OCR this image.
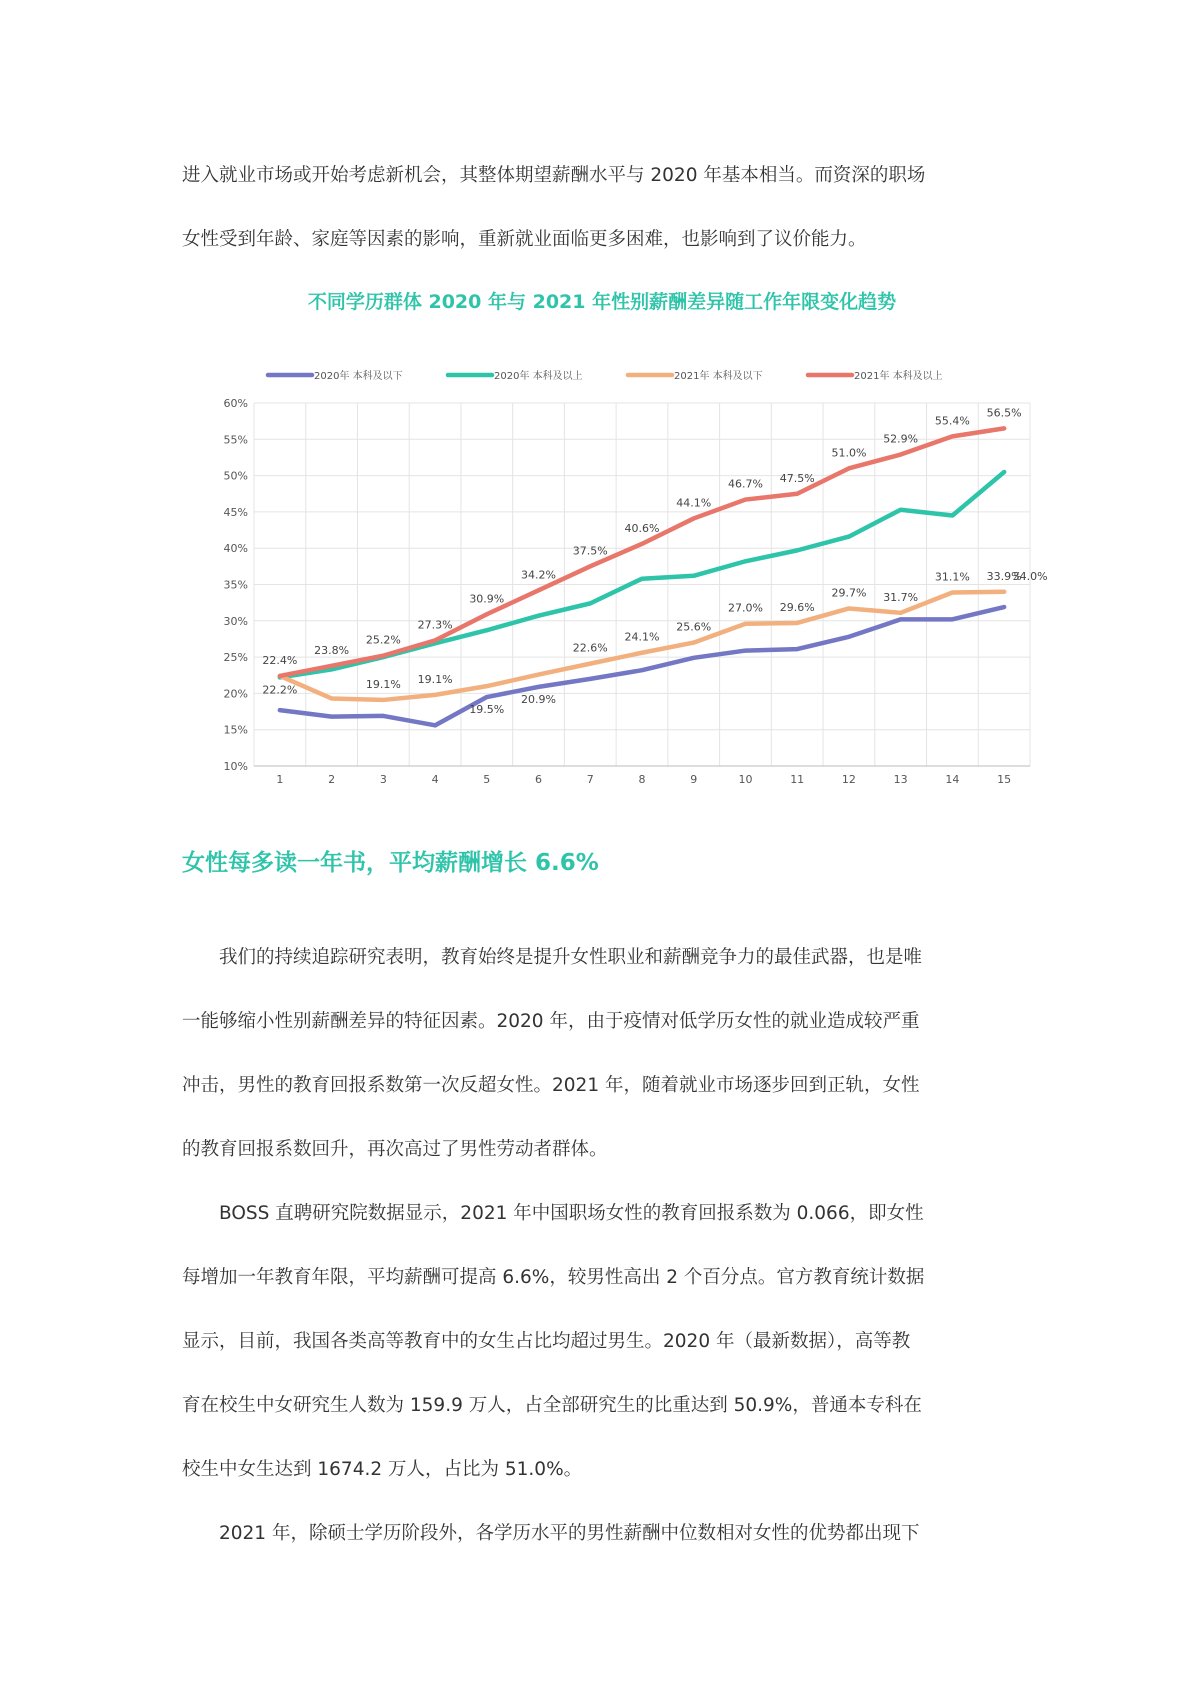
进入就业市场或开始考虑新机会，其整体期望薪酬水平与 2020 年基本相当。而资深的职场

女性受到年龄、家庭等因素的影响，重新就业面临更多困难，也影响到了议价能力。

不同学历群体 2020 年与 2021 年性别薪酬差异随工作年限变化趋势
2020年 本科及以下	2020年 本科及以上	2021年 本科及以下	2021年 本科及以上
10%
15%
20%
25%
30%
35%
40%
45%
50%
55%
60%
1	2	3	4	5	6	7	8	9	10	11	12	13	14	15
19.5%
20.9%
22.2%
22.4%
19.1% 19.1%
22.6%
24.1%
25.6%
27.0% 29.6%
29.7% 31.7%
31.1% 33.9%
23.8%
25.2%
27.3%
30.9%
34.2%
37.5%
40.6%
44.1%
46.7% 47.5%
51.0%
52.9%
55.4%
56.5%
34.0%
女性每多读一年书，平均薪酬增长 6.6%

　　我们的持续追踪研究表明，教育始终是提升女性职业和薪酬竞争力的最佳武器，也是唯

一能够缩小性别薪酬差异的特征因素。2020 年，由于疫情对低学历女性的就业造成较严重

冲击，男性的教育回报系数第一次反超女性。2021 年，随着就业市场逐步回到正轨，女性

的教育回报系数回升，再次高过了男性劳动者群体。

　　BOSS 直聘研究院数据显示，2021 年中国职场女性的教育回报系数为 0.066，即女性

每增加一年教育年限，平均薪酬可提高 6.6%，较男性高出 2 个百分点。官方教育统计数据

显示，目前，我国各类高等教育中的女生占比均超过男生。2020 年（最新数据），高等教

育在校生中女研究生人数为 159.9 万人，占全部研究生的比重达到 50.9%，普通本专科在

校生中女生达到 1674.2 万人，占比为 51.0%。

　　2021 年，除硕士学历阶段外，各学历水平的男性薪酬中位数相对女性的优势都出现下
